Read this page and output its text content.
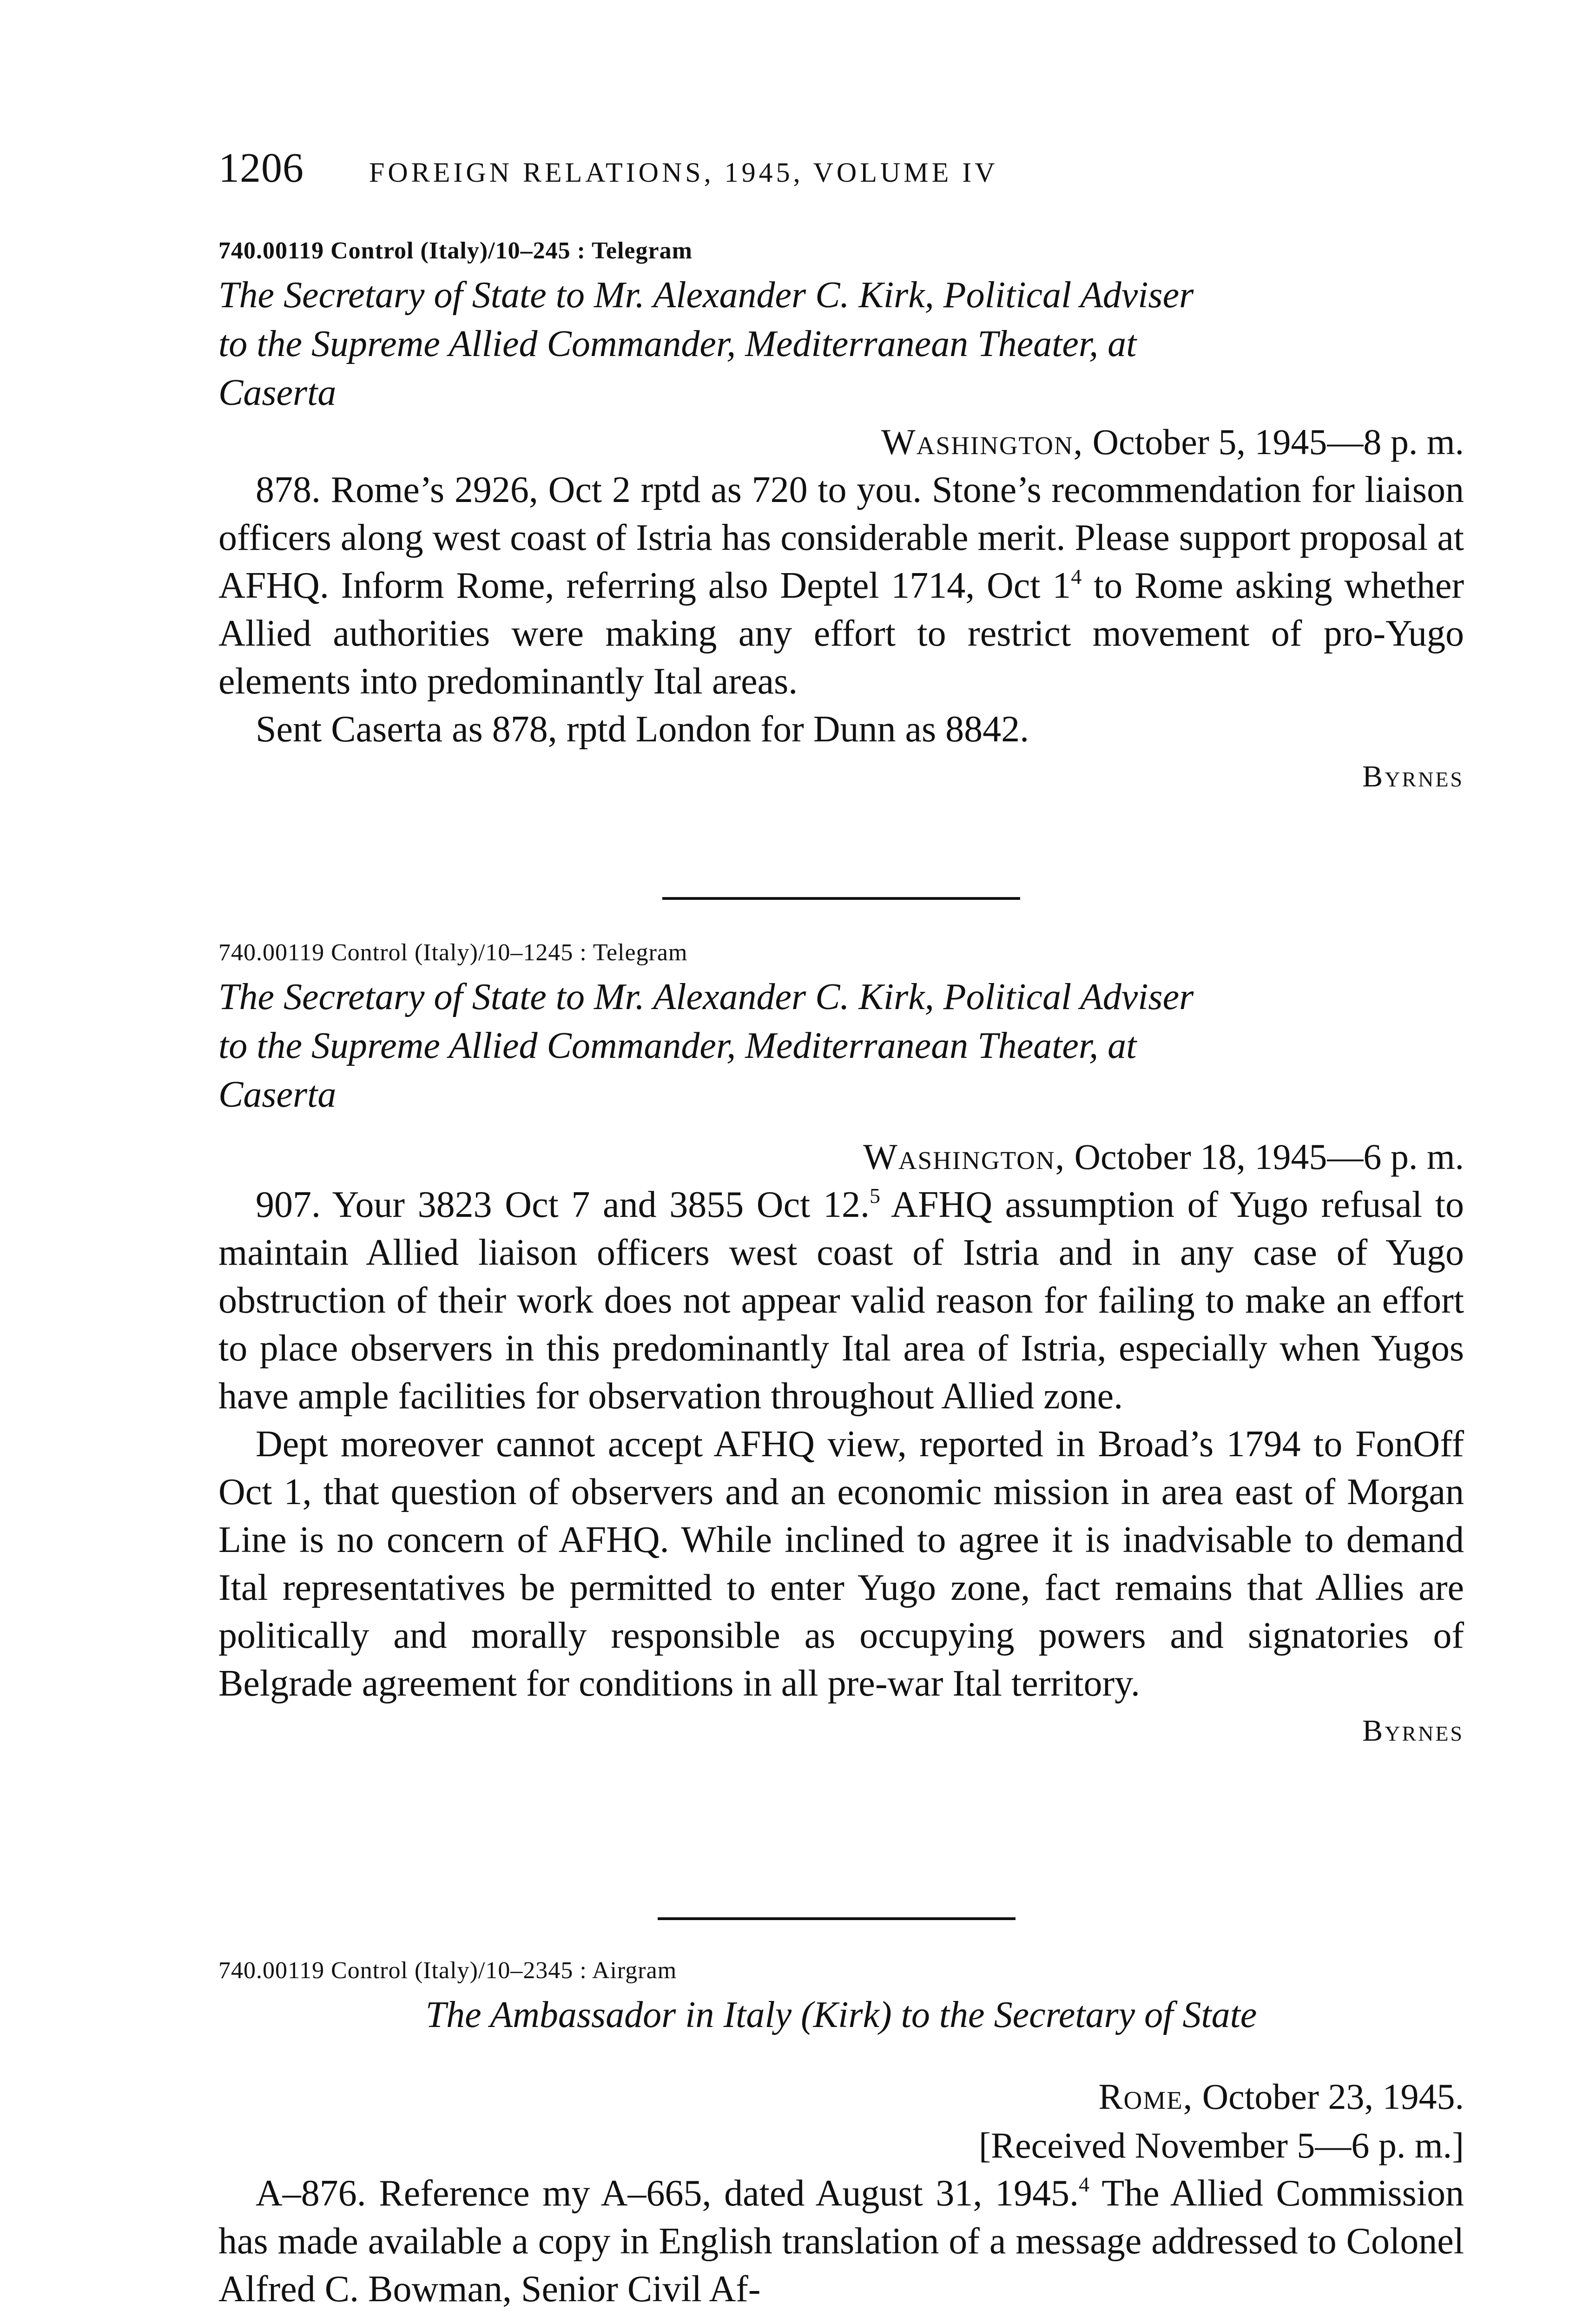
1206 FOREIGN RELATIONS, 1945, VOLUME IV

740.00119 Control (Italy)/10–245 : Telegram

The Secretary of State to Mr. Alexander C. Kirk, Political Adviser
to the Supreme Allied Commander, Mediterranean Theater, at
Caserta

Washington, October 5, 1945—8 p. m.

878. Rome’s 2926, Oct 2 rptd as 720 to you. Stone’s recommendation for liaison officers along west coast of Istria has considerable merit. Please support proposal at AFHQ. Inform Rome, referring also Deptel 1714, Oct $1^4$ to Rome asking whether Allied authorities were making any effort to restrict movement of pro-Yugo elements into predominantly Ital areas.

Sent Caserta as 878, rptd London for Dunn as 8842.

Byrnes

740.00119 Control (Italy)/10–1245 : Telegram

The Secretary of State to Mr. Alexander C. Kirk, Political Adviser
to the Supreme Allied Commander, Mediterranean Theater, at
Caserta

Washington, October 18, 1945—6 p. m.

907. Your 3823 Oct 7 and 3855 Oct 12.$^5$ AFHQ assumption of Yugo refusal to maintain Allied liaison officers west coast of Istria and in any case of Yugo obstruction of their work does not appear valid reason for failing to make an effort to place observers in this predominantly Ital area of Istria, especially when Yugos have ample facilities for observation throughout Allied zone.

Dept moreover cannot accept AFHQ view, reported in Broad’s 1794 to FonOff Oct 1, that question of observers and an economic mission in area east of Morgan Line is no concern of AFHQ. While inclined to agree it is inadvisable to demand Ital representatives be permitted to enter Yugo zone, fact remains that Allies are politically and morally responsible as occupying powers and signatories of Belgrade agreement for conditions in all pre-war Ital territory.

Byrnes

740.00119 Control (Italy)/10–2345 : Airgram

The Ambassador in Italy (Kirk) to the Secretary of State

Rome, October 23, 1945.

[Received November 5—6 p. m.]

A–876. Reference my A–665, dated August 31, 1945.$^4$ The Allied Commission has made available a copy in English translation of a message addressed to Colonel Alfred C. Bowman, Senior Civil Af-
